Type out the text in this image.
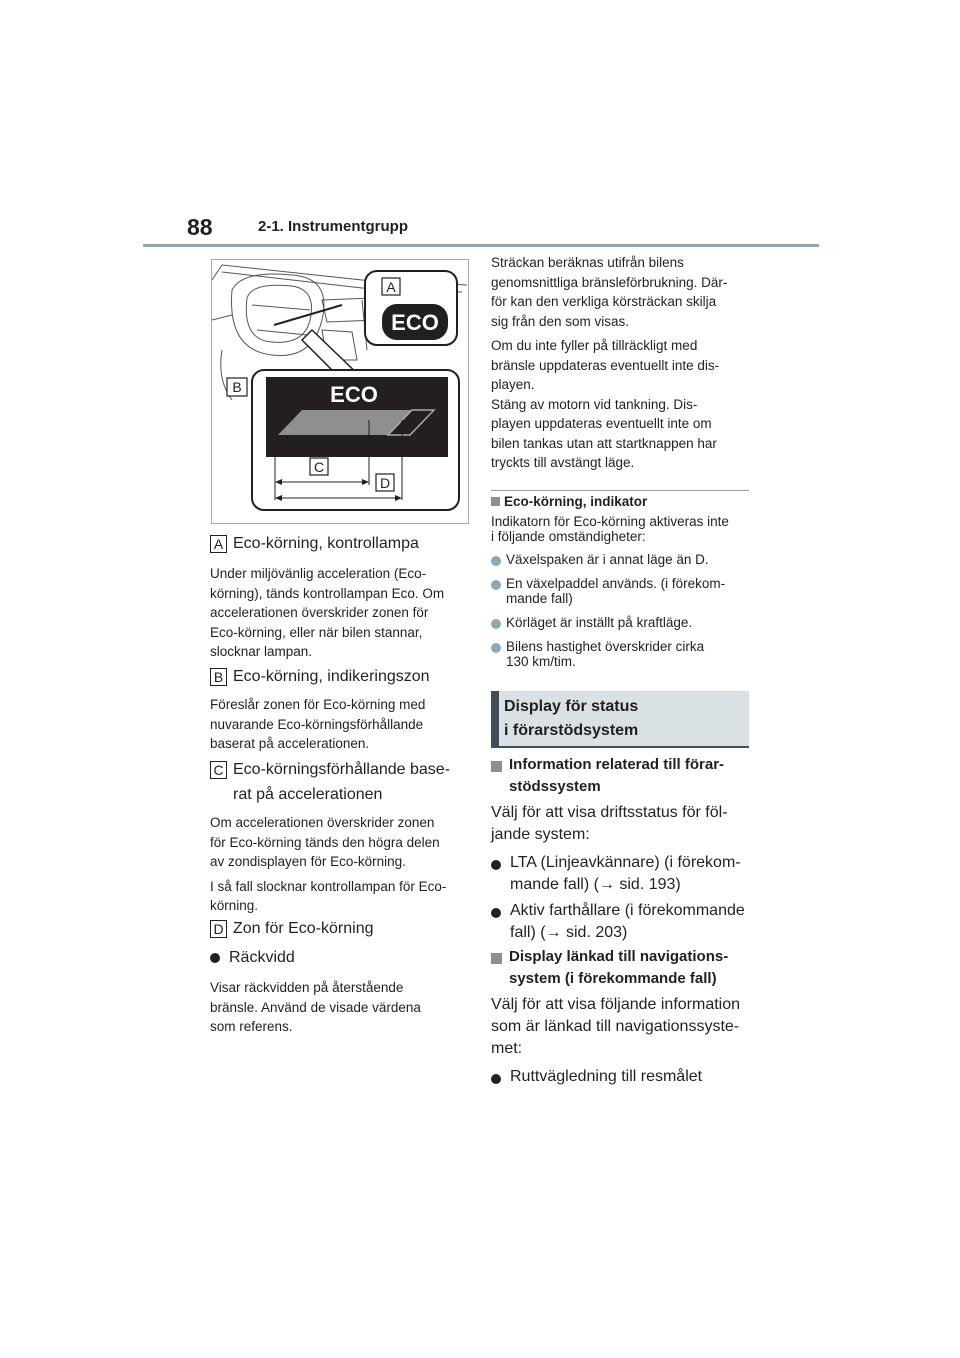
88	2-1. Instrumentgrupp
A
ECO
B	ECO
C
D
A Eco-körning, kontrollampa
Under miljövänlig acceleration (Eco-
körning), tänds kontrollampan Eco. Om
accelerationen överskrider zonen för
Eco-körning, eller när bilen stannar,
slocknar lampan.
B Eco-körning, indikeringszon
Föreslår zonen för Eco-körning med
nuvarande Eco-körningsförhållande
baserat på accelerationen.
C Eco-körningsförhållande base-
rat på accelerationen
Om accelerationen överskrider zonen
för Eco-körning tänds den högra delen
av zondisplayen för Eco-körning.
I så fall slocknar kontrollampan för Eco-
körning.
D Zon för Eco-körning
Räckvidd
Visar räckvidden på återstående
bränsle. Använd de visade värdena
som referens.
Sträckan beräknas utifrån bilens
genomsnittliga bränsleförbrukning. Där-
för kan den verkliga körsträckan skilja
sig från den som visas.
Om du inte fyller på tillräckligt med
bränsle uppdateras eventuellt inte dis-
playen.
Stäng av motorn vid tankning. Dis-
playen uppdateras eventuellt inte om
bilen tankas utan att startknappen har
tryckts till avstängt läge.
Eco-körning, indikator
Indikatorn för Eco-körning aktiveras inte
i följande omständigheter:
Växelspaken är i annat läge än D.
En växelpaddel används. (i förekom-
mande fall)
Körläget är inställt på kraftläge.
Bilens hastighet överskrider cirka
130 km/tim.
Display för status
i förarstödsystem
Information relaterad till förar-
stödssystem
Välj för att visa driftsstatus för föl-
jande system:
LTA (Linjeavkännare) (i förekom-
mande fall) (→ sid. 193)
Aktiv farthållare (i förekommande
fall) (→ sid. 203)
Display länkad till navigations-
system (i förekommande fall)
Välj för att visa följande information
som är länkad till navigationssyste-
met:
Ruttvägledning till resmålet
